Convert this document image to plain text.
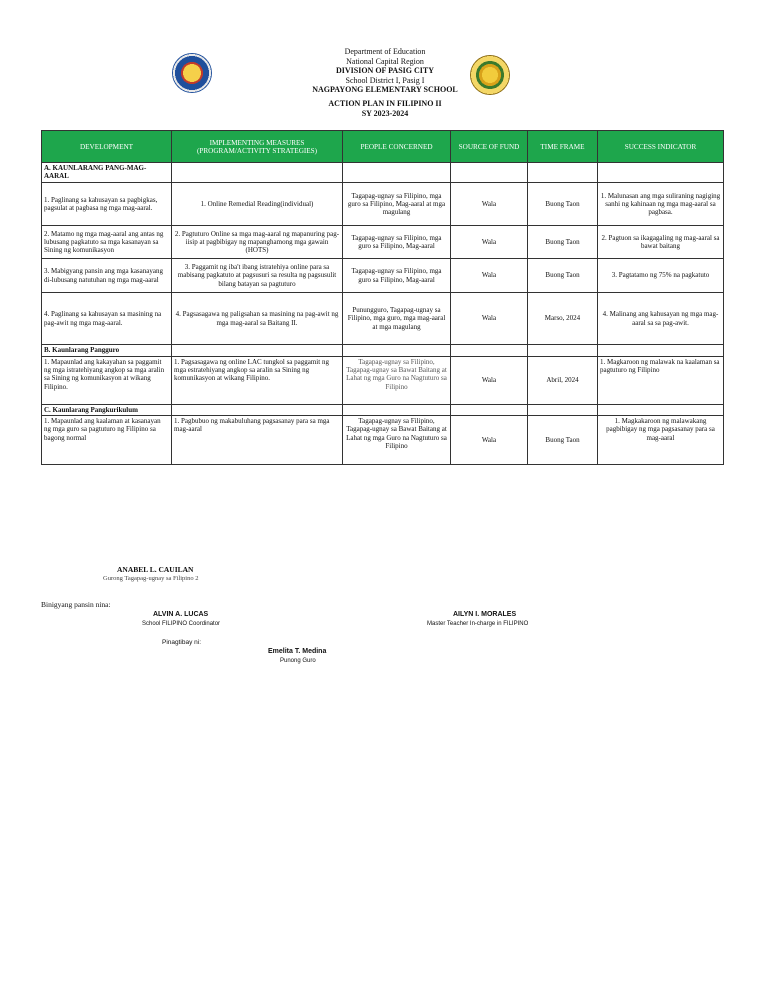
Department of Education
National Capital Region
DIVISION OF PASIG CITY
School District I, Pasig I
NAGPAYONG ELEMENTARY SCHOOL
ACTION PLAN IN FILIPINO II
SY 2023-2024
DEVELOPMENT	IMPLEMENTING MEASURES (PROGRAM/ACTIVITY STRATEGIES)	PEOPLE CONCERNED	SOURCE OF FUND	TIME FRAME	SUCCESS INDICATOR
A. KAUNLARANG PANG-MAG-AARAL					
1. Paglinang sa kahusayan sa pagbigkas, pagsulat at pagbasa ng mga mag-aaral.	1. Online Remedial Reading(individual)	Tagapag-ugnay sa Filipino, mga guro sa Filipino, Mag-aaral at mga magulang	Wala	Buong Taon	1. Malunasan ang mga suliraning nagiging sanhi ng kahinaan ng mga mag-aaral sa pagbasa.
2. Matamo ng mga mag-aaral ang antas ng lubusang pagkatuto sa mga kasanayan sa Sining ng komunikasyon	2. Pagtuturo Online sa mga mag-aaral ng mapanuring pag-iisip at pagbibigay ng mapanghamong mga gawain (HOTS)	Tagapag-ugnay sa Filipino, mga guro sa Filipino, Mag-aaral	Wala	Buong Taon	2. Pagtuon sa ikagagaling ng mag-aaral sa bawat baitang
3. Mabigyang pansin ang mga kasanayang di-lubusang natutuhan ng mga mag-aaral	3. Paggamit ng iba't ibang istratehiya online para sa mabisang pagkatuto at pagsusuri sa resulta ng pagsusulit bilang batayan sa pagtuturo	Tagapag-ugnay sa Filipino, mga guro sa Filipino, Mag-aaral	Wala	Buong Taon	3. Pagtatamo ng 75% na pagkatuto
4. Paglinang sa kahusayan sa masining na pag-awit ng mga mag-aaral.	4. Pagsasagawa ng paligsahan sa masining na pag-awit ng mga mag-aaral sa Baitang II.	Punungguro, Tagapag-ugnay sa Filipino, mga guro, mga mag-aaral at mga magulang	Wala	Marso, 2024	4. Malinang ang kahusayan ng mga mag-aaral sa sa pag-awit.
B. Kaunlarang Pangguro					
1. Mapaunlad ang kakayahan sa paggamit ng mga istratehiyang angkop sa mga aralin sa Sining ng komunikasyon at wikang Filipino.	1. Pagsasagawa ng online LAC tungkol sa paggamit ng mga estratehiyang angkop sa aralin sa Sining ng komunikasyon at wikang Filipino.	Tagapag-ugnay sa Filipino, Tagapag-ugnay sa Bawat Baitang at Lahat ng mga Guro na Nagtuturo sa Filipino	Wala	Abril, 2024	1. Magkaroon ng malawak na kaalaman sa pagtuturo ng Filipino
C. Kaunlarang Pangkurikulum					
1. Mapaunlad ang kaalaman at kasanayan ng mga guro sa pagtuturo ng Filipino sa bagong normal	1. Pagbubuo ng makabuluhang pagsasanay para sa mga mag-aaral	Tagapag-ugnay sa Filipino, Tagapag-ugnay sa Bawat Baitang at Lahat ng mga Guro na Nagtuturo sa Filipino	Wala	Buong Taon	1. Magkakaroon ng malawakang pagbibigay ng mga pagsasanay para sa mag-aaral
ANABEL L. CAUILAN
Gurong Tagapag-ugnay sa Filipino 2
Binigyang pansin nina:
ALVIN A. LUCAS
School FILIPINO Coordinator
AILYN I. MORALES
Master Teacher In-charge in FILIPINO
Pinagtibay ni:
Emelita T. Medina
Punong Guro
